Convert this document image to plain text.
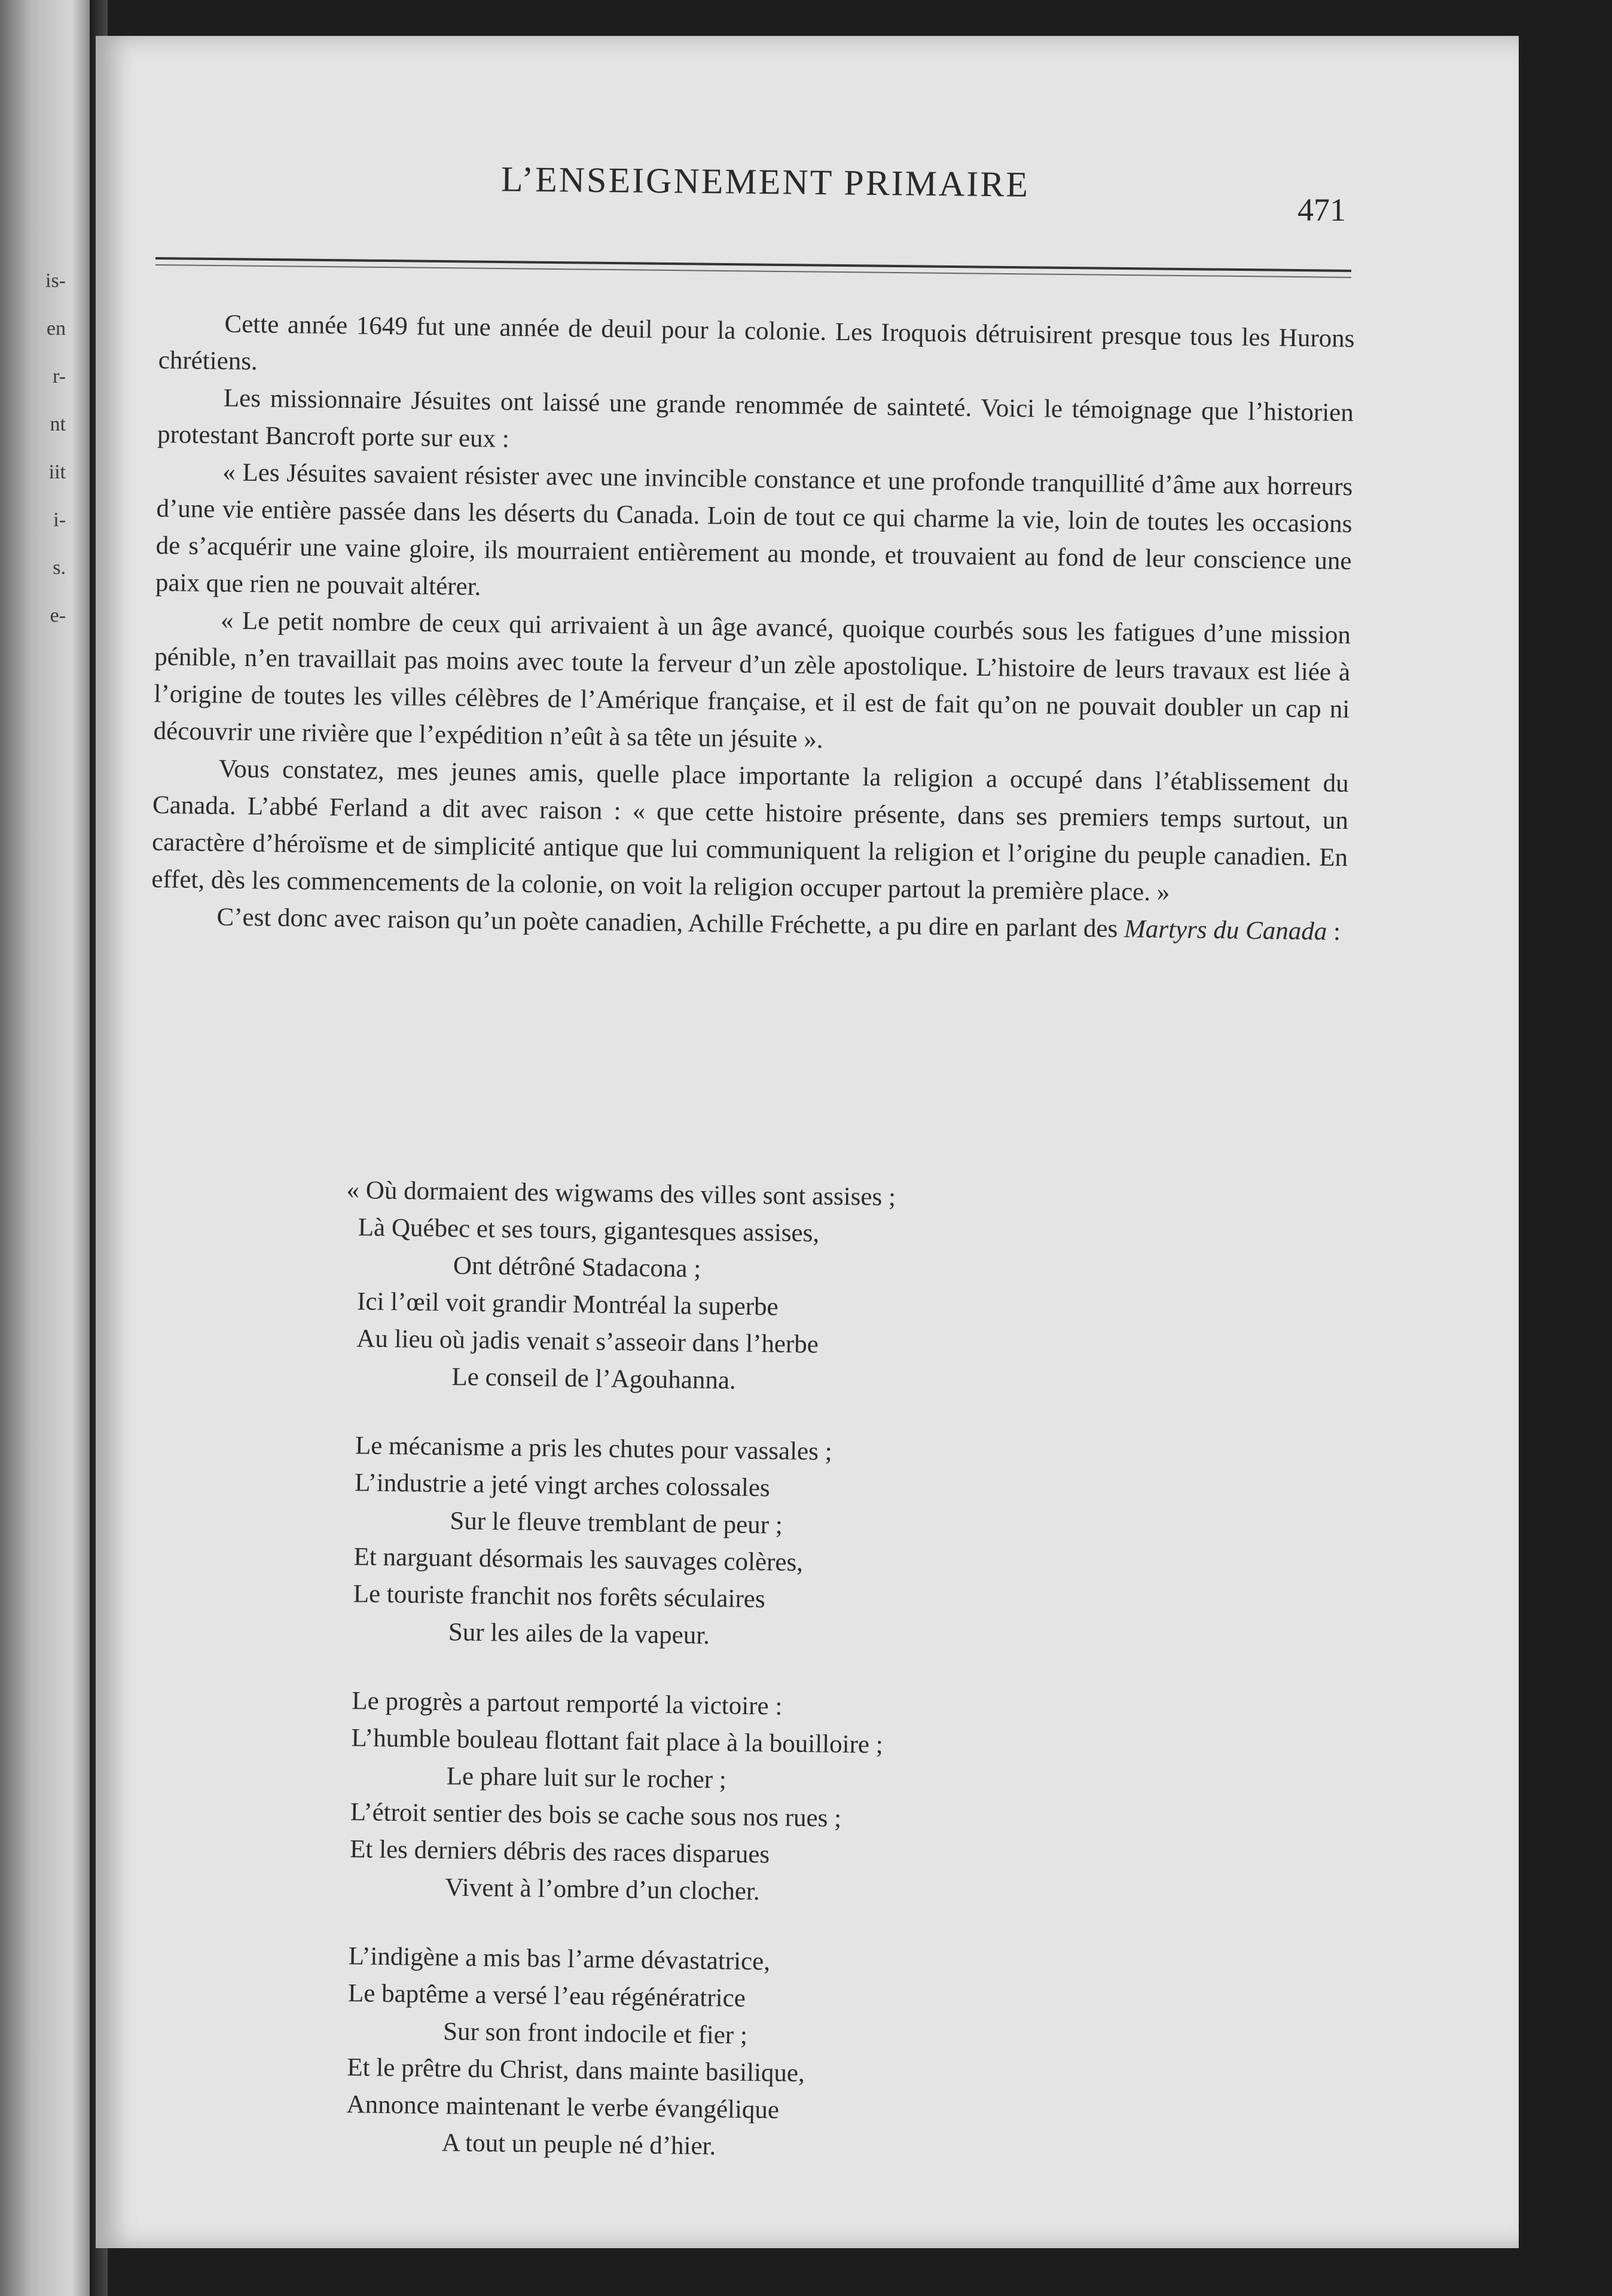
is-
en
r-
nt
iit
i-
s.
e-
L’ENSEIGNEMENT PRIMAIRE
471

Cette année 1649 fut une année de deuil pour la colonie. Les Iroquois détruisirent presque tous les Hurons chrétiens.

Les missionnaire Jésuites ont laissé une grande renommée de sainteté. Voici le témoignage que l’historien protestant Bancroft porte sur eux :

« Les Jésuites savaient résister avec une invincible constance et une profonde tranquillité d’âme aux horreurs d’une vie entière passée dans les déserts du Canada. Loin de tout ce qui charme la vie, loin de toutes les occasions de s’acquérir une vaine gloire, ils mourraient entièrement au monde, et trouvaient au fond de leur conscience une paix que rien ne pouvait altérer.

« Le petit nombre de ceux qui arrivaient à un âge avancé, quoique courbés sous les fatigues d’une mission pénible, n’en travaillait pas moins avec toute la ferveur d’un zèle apostolique. L’histoire de leurs travaux est liée à l’origine de toutes les villes célèbres de l’Amérique française, et il est de fait qu’on ne pouvait doubler un cap ni découvrir une rivière que l’expédition n’eût à sa tête un jésuite ».

Vous constatez, mes jeunes amis, quelle place importante la religion a occupé dans l’établissement du Canada. L’abbé Ferland a dit avec raison : « que cette histoire présente, dans ses premiers temps surtout, un caractère d’héroïsme et de simplicité antique que lui communiquent la religion et l’origine du peuple canadien. En effet, dès les commencements de la colonie, on voit la religion occuper partout la première place. »

C’est donc avec raison qu’un poète canadien, Achille Fréchette, a pu dire en parlant des Martyrs du Canada :

« Où dormaient des wigwams des villes sont assises ;
Là Québec et ses tours, gigantesques assises,
Ont détrôné Stadacona ;
Ici l’œil voit grandir Montréal la superbe
Au lieu où jadis venait s’asseoir dans l’herbe
Le conseil de l’Agouhanna.
Le mécanisme a pris les chutes pour vassales ;
L’industrie a jeté vingt arches colossales
Sur le fleuve tremblant de peur ;
Et narguant désormais les sauvages colères,
Le touriste franchit nos forêts séculaires
Sur les ailes de la vapeur.
Le progrès a partout remporté la victoire :
L’humble bouleau flottant fait place à la bouilloire ;
Le phare luit sur le rocher ;
L’étroit sentier des bois se cache sous nos rues ;
Et les derniers débris des races disparues
Vivent à l’ombre d’un clocher.
L’indigène a mis bas l’arme dévastatrice,
Le baptême a versé l’eau régénératrice
Sur son front indocile et fier ;
Et le prêtre du Christ, dans mainte basilique,
Annonce maintenant le verbe évangélique
A tout un peuple né d’hier.
